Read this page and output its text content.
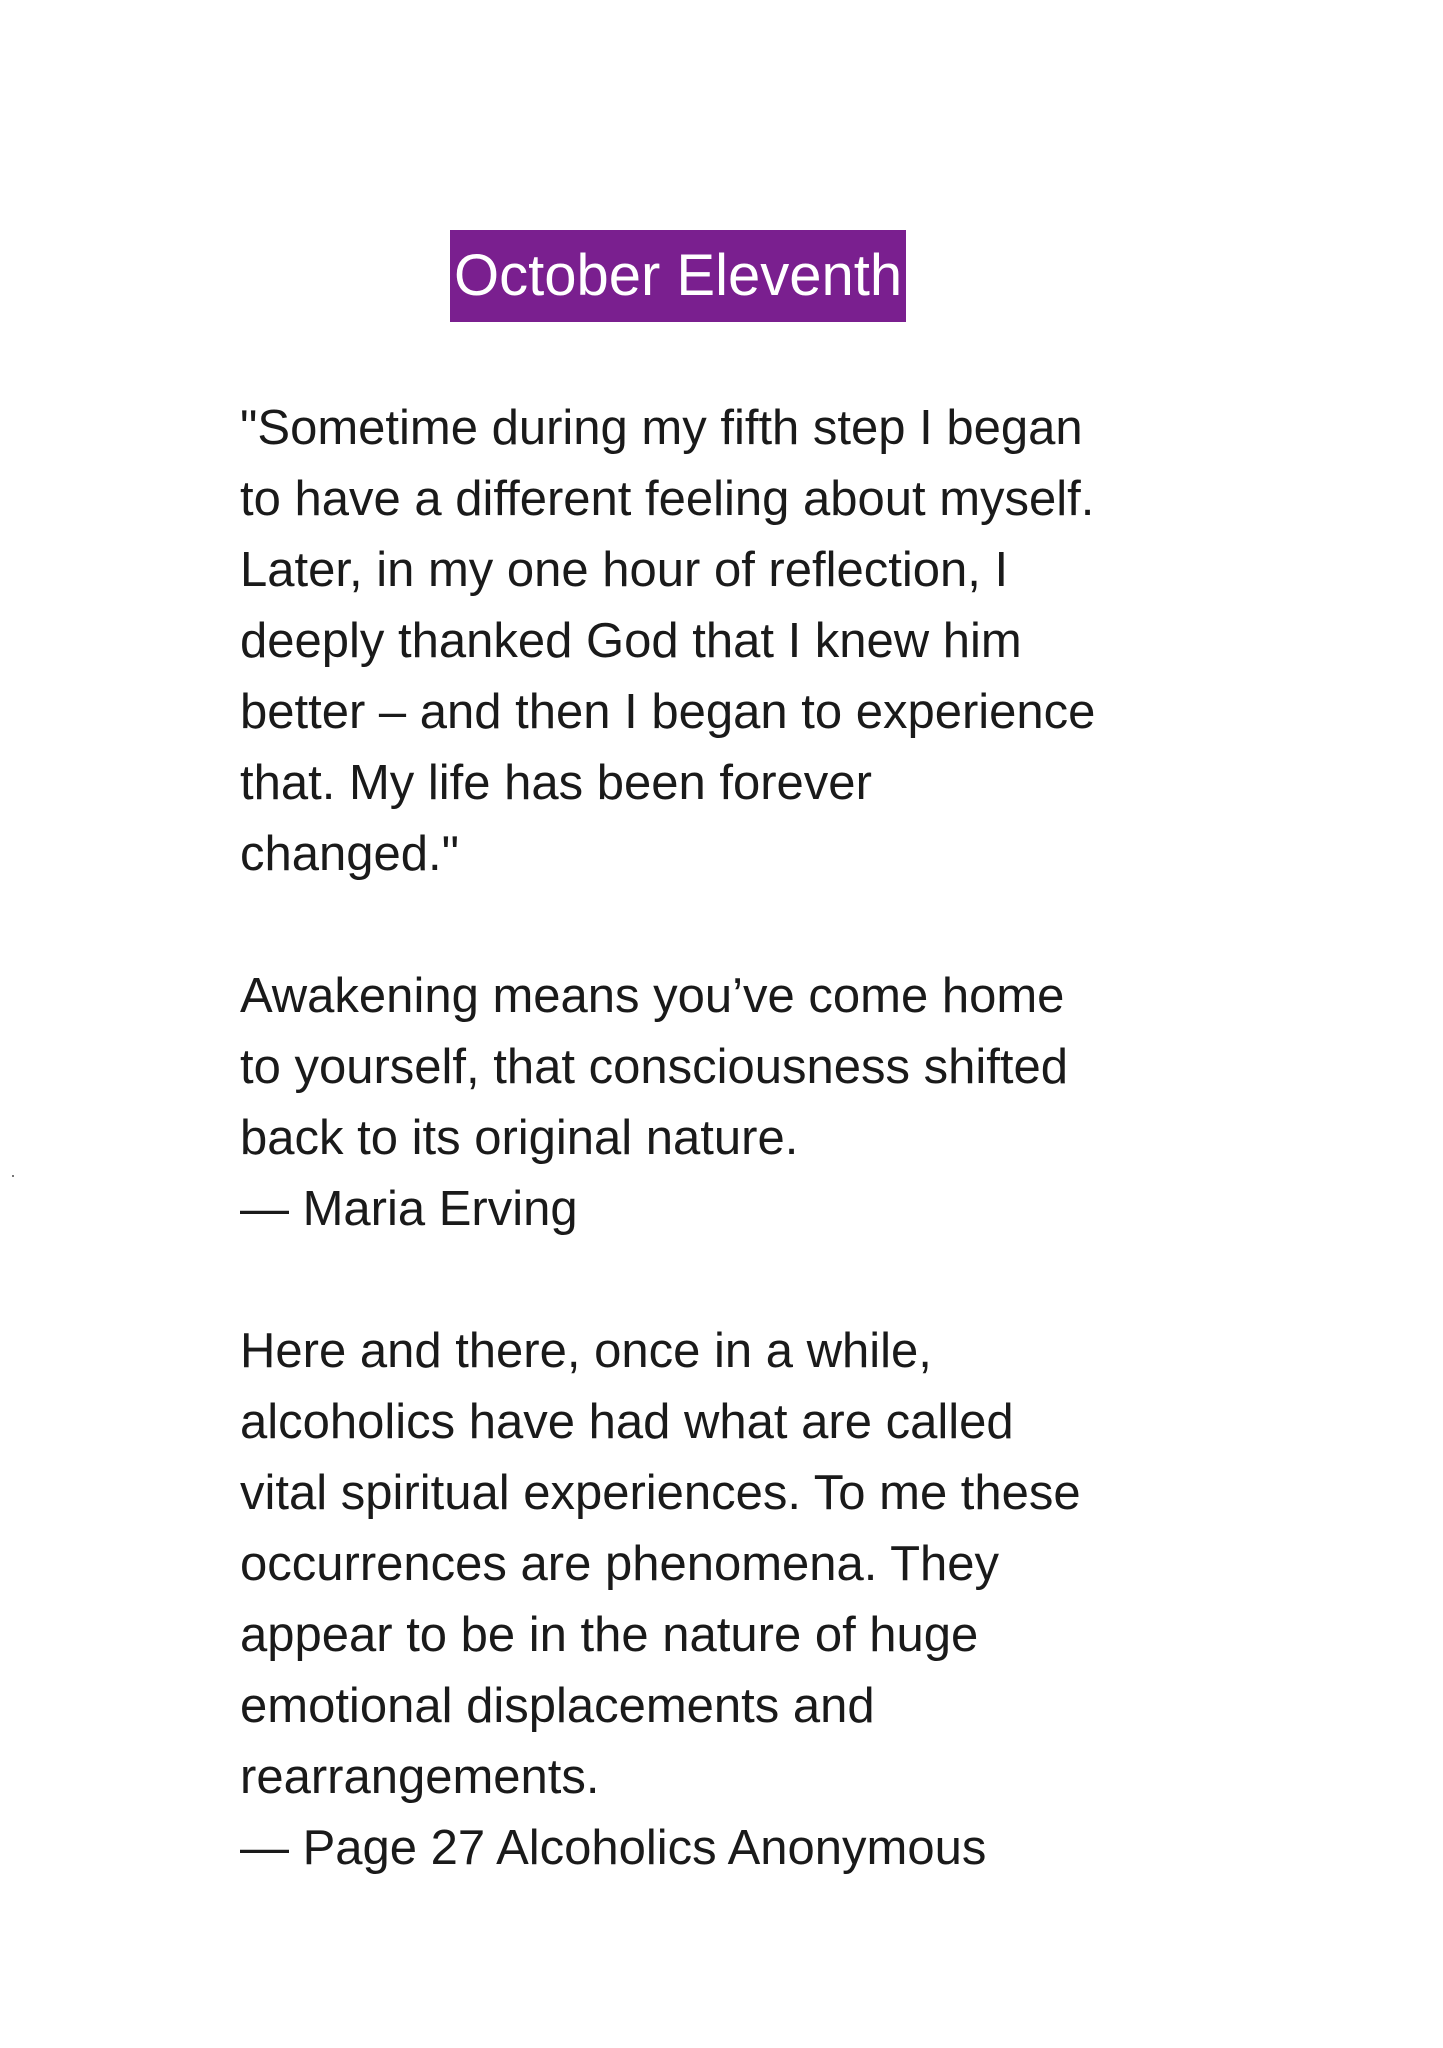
October Eleventh
"Sometime during my fifth step I began
to have a different feeling about myself.
Later, in my one hour of reflection, I
deeply thanked God that I knew him
better – and then I began to experience
that. My life has been forever
changed."
Awakening means you’ve come home
to yourself, that consciousness shifted
back to its original nature.
— Maria Erving
Here and there, once in a while,
alcoholics have had what are called
vital spiritual experiences. To me these
occurrences are phenomena. They
appear to be in the nature of huge
emotional displacements and
rearrangements.
— Page 27 Alcoholics Anonymous
